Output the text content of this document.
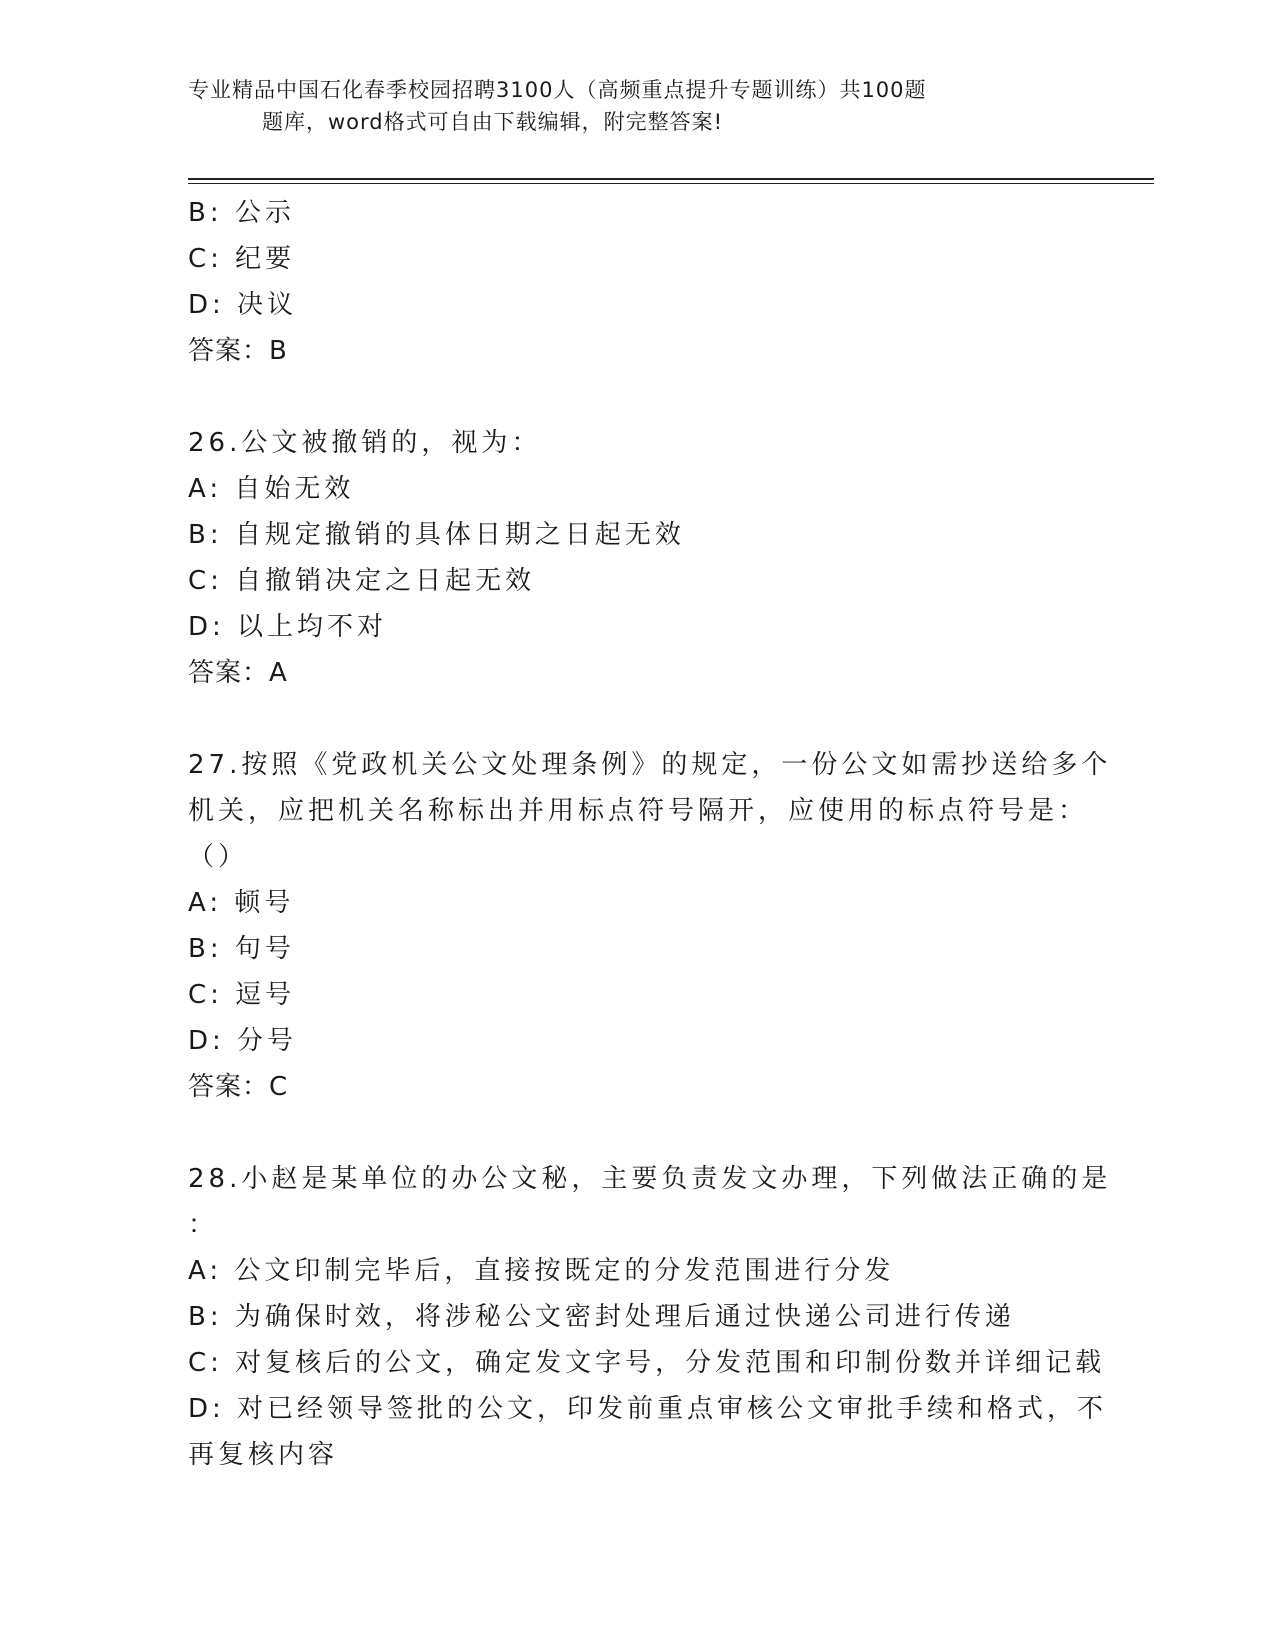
专业精品中国石化春季校园招聘3100人（高频重点提升专题训练）共100题
题库，word格式可自由下载编辑，附完整答案!
B: 公示
C: 纪要
D: 决议
答案：B
26.公文被撤销的，视为：
A: 自始无效
B: 自规定撤销的具体日期之日起无效
C: 自撤销决定之日起无效
D: 以上均不对
答案：A
27.按照《党政机关公文处理条例》的规定，一份公文如需抄送给多个
机关，应把机关名称标出并用标点符号隔开，应使用的标点符号是：
（）
A: 顿号
B: 句号
C: 逗号
D: 分号
答案：C
28.小赵是某单位的办公文秘，主要负责发文办理，下列做法正确的是
：
A: 公文印制完毕后，直接按既定的分发范围进行分发
B: 为确保时效，将涉秘公文密封处理后通过快递公司进行传递
C: 对复核后的公文，确定发文字号，分发范围和印制份数并详细记载
D: 对已经领导签批的公文，印发前重点审核公文审批手续和格式，不
再复核内容
